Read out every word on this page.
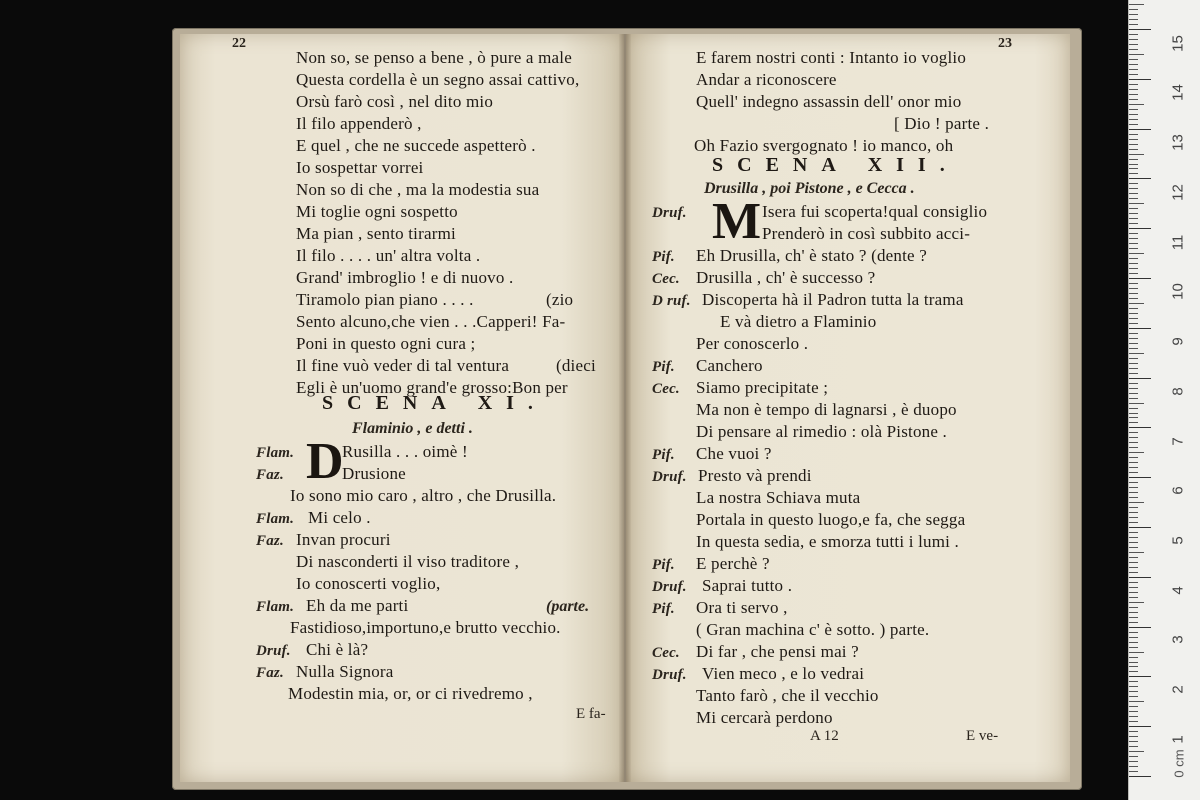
22
Non so, se penso a bene , ò pure a male
Questa cordella è un segno assai cattivo,
Orsù farò così , nel dito mio
Il filo appenderò ,
E quel , che ne succede aspetterò .
Io sospettar vorrei
Non so di che , ma la modestia sua
Mi toglie ogni sospetto
Ma pian , sento tirarmi
Il filo . . . . un' altra volta .
Grand' imbroglio ! e di nuovo .
Tiramolo pian piano . . . .	(zio
Sento alcuno,che vien . . .Capperi! Fa-
Poni in questo ogni cura ;
Il fine vuò veder di tal ventura	(dieci
Egli è un'uomo grand'e grosso:Bon per
SCENA XI.
Flaminio , e detti .
D
Flam.	Rusilla . . . oimè !
Faz.	Drusione
Io sono mio caro , altro , che Drusilla.
Flam. Mi celo .
Faz. Invan procuri
Di nasconderti il viso traditore ,
Io conoscerti voglio,
Flam. Eh da me parti	(parte.
Fastidioso,importuno,e brutto vecchio.
Druf. Chi è là?
Faz. Nulla Signora
Modestin mia, or, or ci rivedremo ,
E fa-
23
E farem nostri conti : Intanto io voglio
Andar a riconoscere
Quell' indegno assassin dell' onor mio
[ Dio ! parte .
Oh Fazio svergognato ! io manco, oh
SCENA XII.
Drusilla , poi Pistone , e Cecca .
M
Druf.	Isera fui scoperta!qual consiglio
Prenderò in così subbito acci-
Pif. Eh Drusilla, ch' è stato ? (dente ?
Cec. Drusilla , ch' è successo ?
D ruf. Discoperta hà il Padron tutta la trama
E và dietro a Flaminio
Per conoscerlo .
Pif. Canchero
Cec. Siamo precipitate ;
Ma non è tempo di lagnarsi , è duopo
Di pensare al rimedio : olà Pistone .
Pif. Che vuoi ?
Druf. Presto và prendi
La nostra Schiava muta
Portala in questo luogo,e fa, che segga
In questa sedia, e smorza tutti i lumi .
Pif. E perchè ?
Druf. Saprai tutto .
Pif. Ora ti servo ,
( Gran machina c' è sotto. ) parte.
Cec. Di far , che pensi mai ?
Druf. Vien meco , e lo vedrai
Tanto farò , che il vecchio
Mi cercarà perdono
A 12	E ve-
15
14
13
12
11
10
9
8
7
6
5
4
3
2
1
0 cm
